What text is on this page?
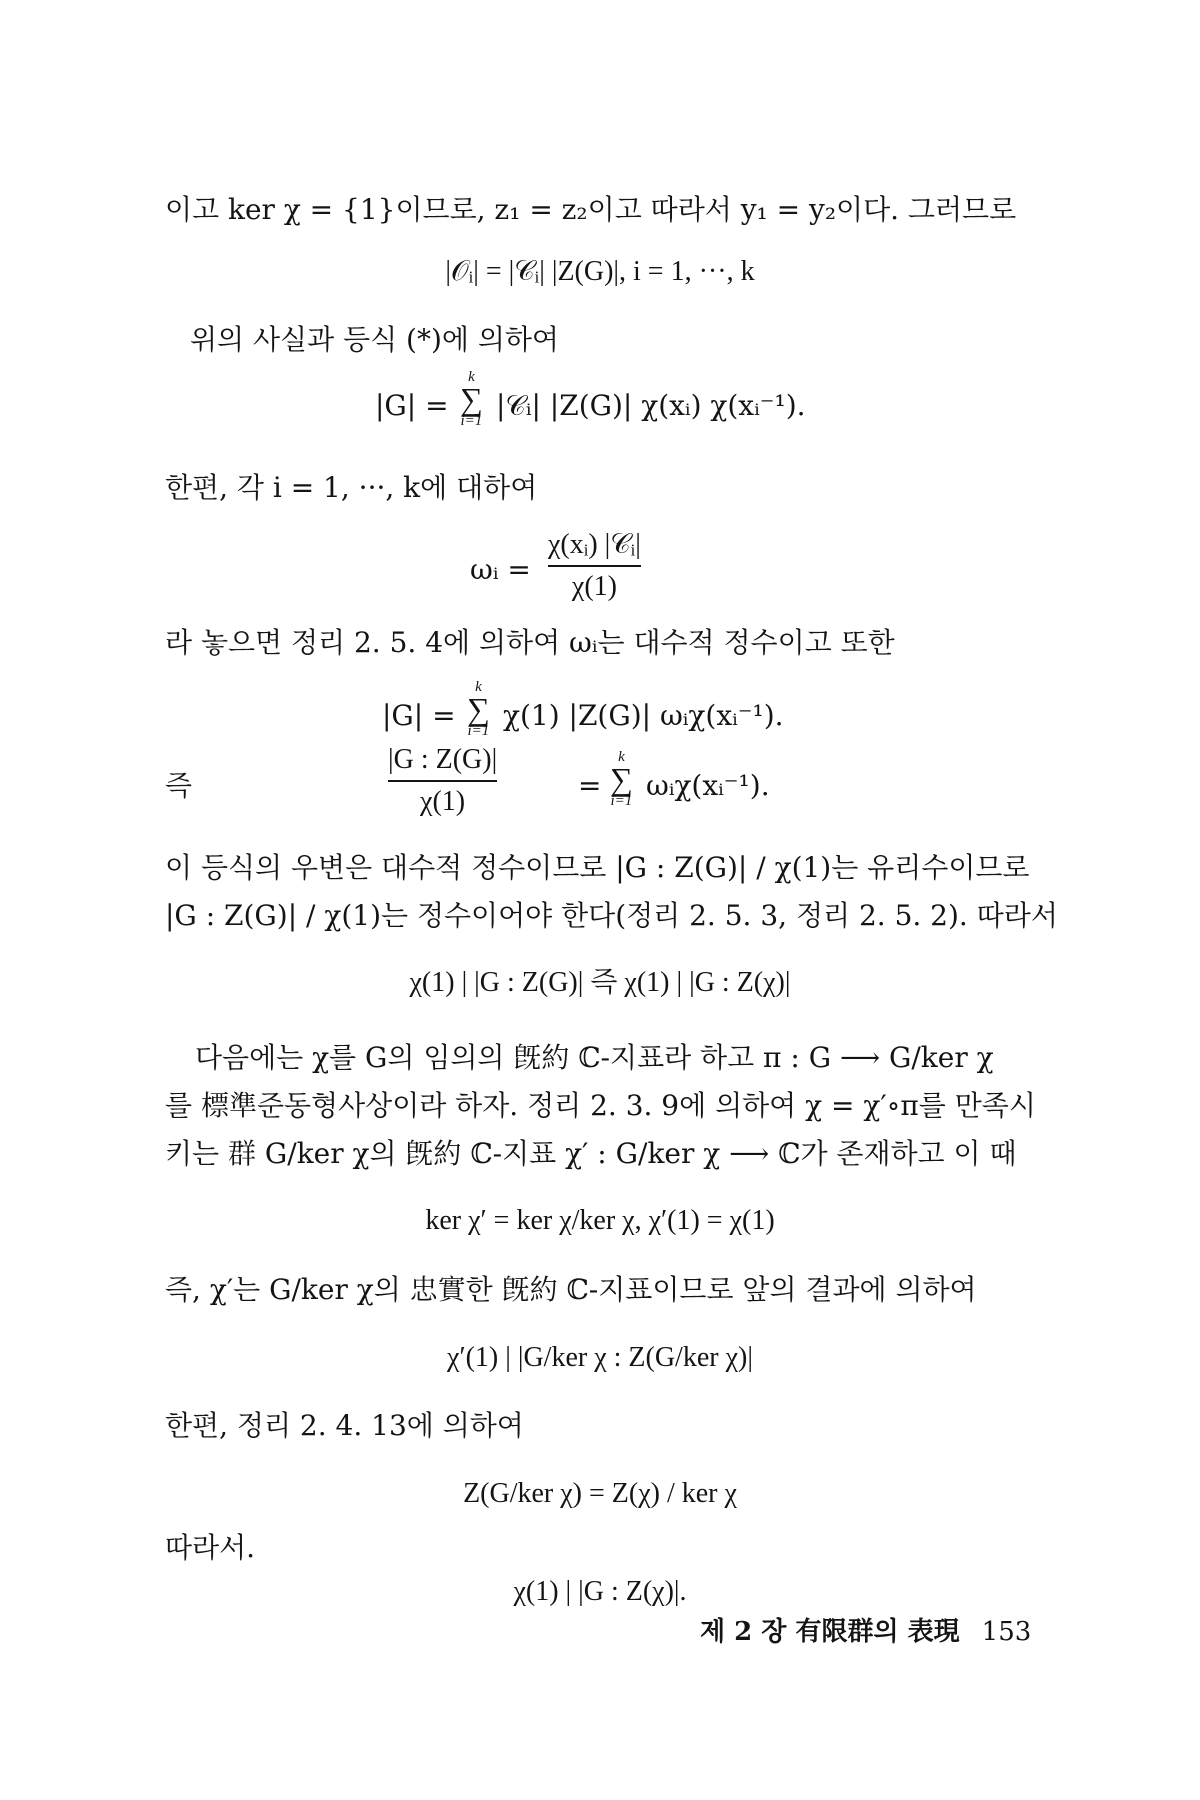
이고 ker χ = {1}이므로, z₁ = z₂이고 따라서 y₁ = y₂이다. 그러므로
|𝒪ᵢ| = |𝒞ᵢ| |Z(G)|, i = 1, ···, k
위의 사실과 등식 (*)에 의하여
|G| =
k
∑
i=1 |𝒞ᵢ| |Z(G)| χ(xᵢ) χ(xᵢ⁻¹).
한편, 각 i = 1, ···, k에 대하여
ωᵢ =
χ(xᵢ) |𝒞ᵢ|
χ(1)
라 놓으면 정리 2. 5. 4에 의하여 ωᵢ는 대수적 정수이고 또한
|G| =
k
∑
i=1 χ(1) |Z(G)| ωᵢχ(xᵢ⁻¹).
즉
|G : Z(G)|
χ(1)	=
k
∑
i=1 ωᵢχ(xᵢ⁻¹).
이 등식의 우변은 대수적 정수이므로 |G : Z(G)| / χ(1)는 유리수이므로
|G : Z(G)| / χ(1)는 정수이어야 한다(정리 2. 5. 3, 정리 2. 5. 2). 따라서
χ(1) | |G : Z(G)| 즉 χ(1) | |G : Z(χ)|
다음에는 χ를 G의 임의의 旣約 ℂ-지표라 하고 π : G ⟶ G/ker χ
를 標準준동형사상이라 하자. 정리 2. 3. 9에 의하여 χ = χ′∘π를 만족시
키는 群 G/ker χ의 旣約 ℂ-지표 χ′ : G/ker χ ⟶ ℂ가 존재하고 이 때
ker χ′ = ker χ/ker χ, χ′(1) = χ(1)
즉, χ′는 G/ker χ의 忠實한 旣約 ℂ-지표이므로 앞의 결과에 의하여
χ′(1) | |G/ker χ : Z(G/ker χ)|
한편, 정리 2. 4. 13에 의하여
Z(G/ker χ) = Z(χ) / ker χ
따라서.
χ(1) | |G : Z(χ)|.
제 2 장 有限群의 表現 153
